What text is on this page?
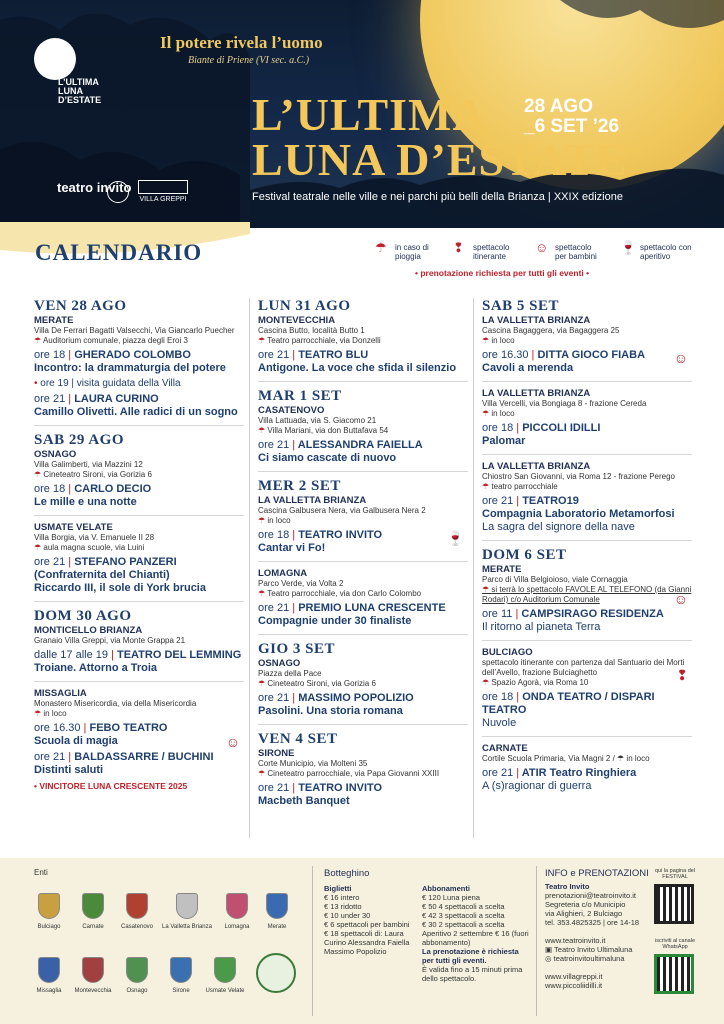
L’ULTIMA LUNA D’ESTATE
Il potere rivela l’uomo
Biante di Priene (VI sec. a.C.)
L’ULTIMA
LUNA D’ESTATE
28 AGO
_6 SET ’26
Festival teatrale nelle ville e nei parchi più belli della Brianza | XXIX edizione
teatro invito
VILLA GREPPI
CALENDARIO	☂ in caso di pioggia
❢ spettacolo itinerante
☺ spettacolo per bambini
🍷 spettacolo con aperitivo
• prenotazione richiesta per tutti gli eventi •
VEN 28 AGO
MERATE
Villa De Ferrari Bagatti Valsecchi, Via Giancarlo Puecher
☂ Auditorium comunale, piazza degli Eroi 3
ore 18 | GHERADO COLOMBO
Incontro: la drammaturgia del potere
• ore 19 | visita guidata della Villa
ore 21 | LAURA CURINO
Camillo Olivetti. Alle radici di un sogno
SAB 29 AGO
OSNAGO
Villa Galimberti, via Mazzini 12
☂ Cineteatro Sironi, via Gorizia 6
ore 18 | CARLO DECIO
Le mille e una notte
USMATE VELATE
Villa Borgia, via V. Emanuele II 28
☂ aula magna scuole, via Luini
ore 21 | STEFANO PANZERI
(Confraternita del Chianti)
Riccardo III, il sole di York brucia
DOM 30 AGO
MONTICELLO BRIANZA
Granaio Villa Greppi, via Monte Grappa 21
dalle 17 alle 19 | TEATRO DEL LEMMING
Troiane. Attorno a Troia
MISSAGLIA
Monastero Misericordia, via della Misericordia
☂ in loco
☺
ore 16.30 | FEBO TEATRO
Scuola di magia
ore 21 | BALDASSARRE / BUCHINI
Distinti saluti
• VINCITORE LUNA CRESCENTE 2025
LUN 31 AGO
MONTEVECCHIA
Cascina Butto, località Butto 1
☂ Teatro parrocchiale, via Donzelli
ore 21 | TEATRO BLU
Antigone. La voce che sfida il silenzio
MAR 1 SET
CASATENOVO
Villa Lattuada, via S. Giacomo 21
☂ Villa Mariani, via don Buttafava 54
ore 21 | ALESSANDRA FAIELLA
Ci siamo cascate di nuovo
MER 2 SET
LA VALLETTA BRIANZA
Cascina Galbusera Nera, via Galbusera Nera 2
☂ in loco
🍷
ore 18 | TEATRO INVITO
Cantar vi Fo!
LOMAGNA
Parco Verde, via Volta 2
☂ Teatro parrocchiale, via don Carlo Colombo
ore 21 | PREMIO LUNA CRESCENTE
Compagnie under 30 finaliste
GIO 3 SET
OSNAGO
Piazza della Pace
☂ Cineteatro Sironi, via Gorizia 6
ore 21 | MASSIMO POPOLIZIO
Pasolini. Una storia romana
VEN 4 SET
SIRONE
Corte Municipio, via Molteni 35
☂ Cineteatro parrocchiale, via Papa Giovanni XXIII
ore 21 | TEATRO INVITO
Macbeth Banquet
SAB 5 SET
LA VALLETTA BRIANZA
Cascina Bagaggera, via Bagaggera 25
☂ in loco
☺
ore 16.30 | DITTA GIOCO FIABA
Cavoli a merenda
LA VALLETTA BRIANZA
Villa Vercelli, via Bongiaga 8 - frazione Cereda
☂ in loco
ore 18 | PICCOLI IDILLI
Palomar
LA VALLETTA BRIANZA
Chiostro San Giovanni, via Roma 12 - frazione Perego
☂ teatro parrocchiale
ore 21 | TEATRO19
Compagnia Laboratorio Metamorfosi
La sagra del signore della nave
DOM 6 SET
MERATE
Parco di Villa Belgioioso, viale Cornaggia
☂ si terrà lo spettacolo FAVOLE AL TELEFONO (da Gianni Rodari) c/o Auditorium Comunale	☺
ore 11 | CAMPSIRAGO RESIDENZA
Il ritorno al pianeta Terra
BULCIAGO
spettacolo itinerante con partenza dal Santuario dei Morti dell’Avello, frazione Bulciaghetto
☂ Spazio Agorà, via Roma 10	❢
ore 18 | ONDA TEATRO / DISPARI TEATRO
Nuvole
CARNATE
Cortile Scuola Primaria, Via Magni 2 / ☂ in loco
ore 21 | ATIR Teatro Ringhiera
A (s)ragionar di guerra
Enti
Bulciago	Carnate	Casatenovo	La Valletta Brianza	Lomagna	Merate
Missaglia	Montevecchia	Osnago	Sirone	Usmate Velate
Botteghino
Biglietti
€ 16 intero
€ 13 ridotto
€ 10 under 30
€ 6 spettacoli per bambini
€ 18 spettacoli di: Laura Curino Alessandra Faiella Massimo Popolizio
Abbonamenti
€ 120 Luna piena
€ 50 4 spettacoli a scelta
€ 42 3 spettacoli a scelta
€ 30 2 spettacoli a scelta
Aperitivo 2 settembre € 16 (fuori abbonamento)
La prenotazione è richiesta per tutti gli eventi.
È valida fino a 15 minuti prima dello spettacolo.
INFO e PRENOTAZIONI
Teatro Invito
prenotazioni@teatroinvito.it
Segreteria c/o Municipio
via Alighieri, 2 Bulciago
tel. 353.4825325 | ore 14-18

www.teatroinvito.it
▣ Teatro Invito Ultimaluna
◎ teatroinvitoultimaluna

www.villagreppi.it
www.piccoliidilli.it
qui la pagina del FESTIVAL
iscriviti al canale WhatsApp
